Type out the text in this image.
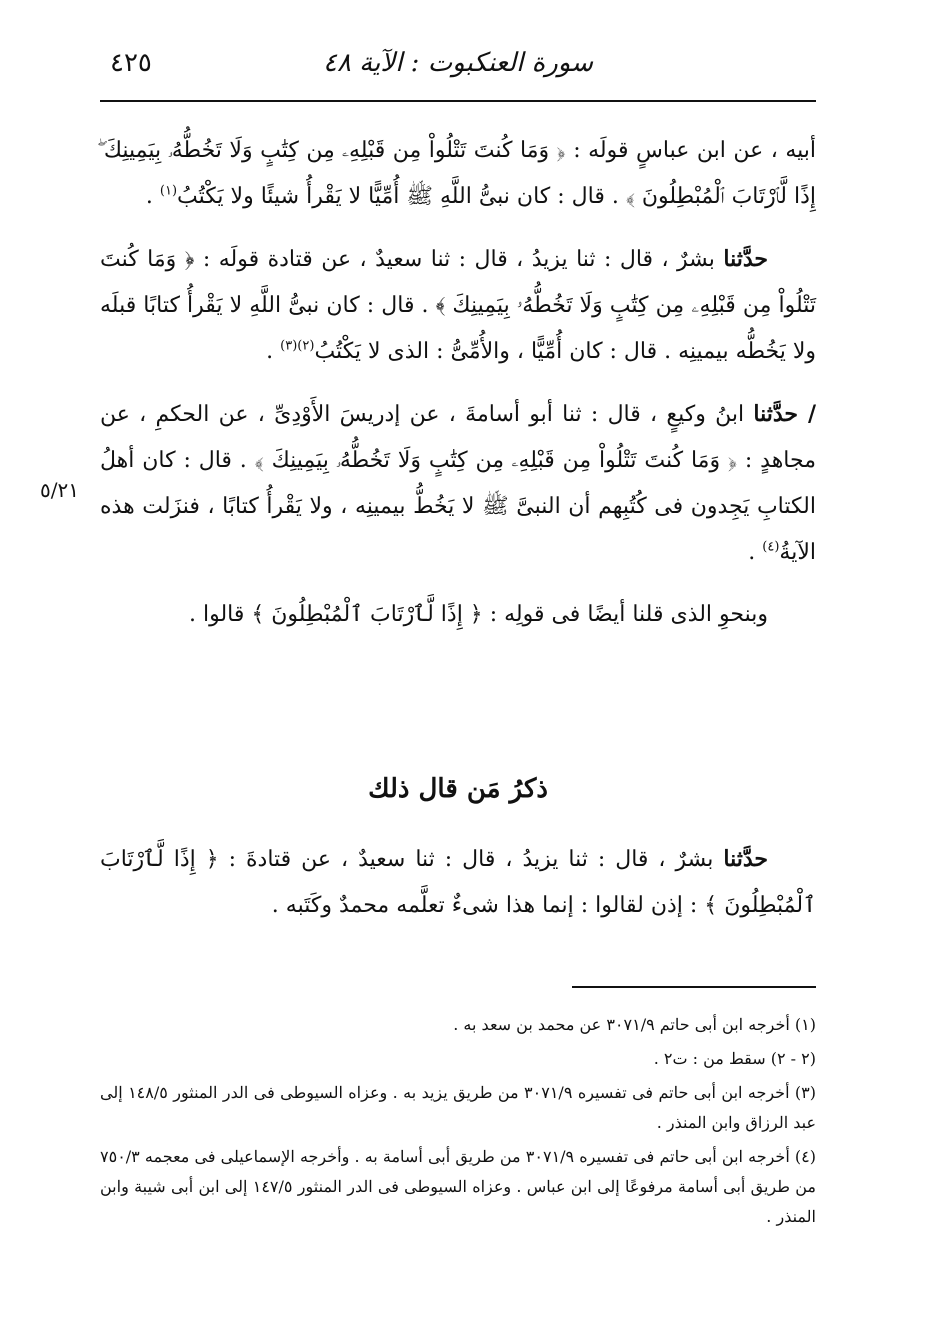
٤٢٥	سورة العنكبوت : الآية ٤٨
٥/٢١

أبيه ، عن ابن عباسٍ قولَه : ﴿ وَمَا كُنتَ تَتْلُواْ مِن قَبْلِهِۦ مِن كِتَٰبٍ وَلَا تَخُطُّهُۥ بِيَمِينِكَ ۖ إِذًا لَّٱرْتَابَ ٱلْمُبْطِلُونَ ﴾ . قال : كان نبىُّ اللَّهِ ﷺ أُمِّيًّا لا يَقْرأُ شيئًا ولا يَكْتُبُ$^{(١)}$ .

حدَّثنا بشرٌ ، قال : ثنا يزيدُ ، قال : ثنا سعيدٌ ، عن قتادة قولَه : ﴿ وَمَا كُنتَ تَتْلُواْ مِن قَبْلِهِۦ مِن كِتَٰبٍ وَلَا تَخُطُّهُۥ بِيَمِينِكَ ﴾ . قال : كان نبىُّ اللَّهِ لا يَقْرأُ كتابًا قبلَه ولا يَخُطُّه بيمينِه . قال : كان أُمِّيًّا ، والأُمِّىُّ : الذى لا يَكْتُبُ$^{(٢)(٣)}$ .

/ حدَّثنا ابنُ وكيعٍ ، قال : ثنا أبو أسامةَ ، عن إدريسَ الأَوْدِىِّ ، عن الحكمِ ، عن مجاهدٍ : ﴿ وَمَا كُنتَ تَتْلُواْ مِن قَبْلِهِۦ مِن كِتَٰبٍ وَلَا تَخُطُّهُۥ بِيَمِينِكَ ﴾ . قال : كان أهلُ الكتابِ يَجِدون فى كُتُبِهم أن النبىَّ ﷺ لا يَخُطُّ بيمينِه ، ولا يَقْرأُ كتابًا ، فنزَلت هذه الآيةُ$^{(٤)}$ .

وبنحوِ الذى قلنا أيضًا فى قولِه : ﴿ إِذًا لَّٱرْتَابَ ٱلْمُبْطِلُونَ ﴾ قالوا .

ذكرُ مَن قال ذلك

حدَّثنا بشرٌ ، قال : ثنا يزيدُ ، قال : ثنا سعيدٌ ، عن قتادةَ : ﴿ إِذًا لَّٱرْتَابَ ٱلْمُبْطِلُونَ ﴾ : إذن لقالوا : إنما هذا شىءٌ تعلَّمه محمدٌ وكَتَبه .

(١) أخرجه ابن أبى حاتم ٣٠٧١/٩ عن محمد بن سعد به .

(٢ - ٢) سقط من : ت٢ .

(٣) أخرجه ابن أبى حاتم فى تفسيره ٣٠٧١/٩ من طريق يزيد به . وعزاه السيوطى فى الدر المنثور ١٤٨/٥ إلى عبد الرزاق وابن المنذر .

(٤) أخرجه ابن أبى حاتم فى تفسيره ٣٠٧١/٩ من طريق أبى أسامة به . وأخرجه الإسماعيلى فى معجمه ٧٥٠/٣ من طريق أبى أسامة مرفوعًا إلى ابن عباس . وعزاه السيوطى فى الدر المنثور ١٤٧/٥ إلى ابن أبى شيبة وابن المنذر .
